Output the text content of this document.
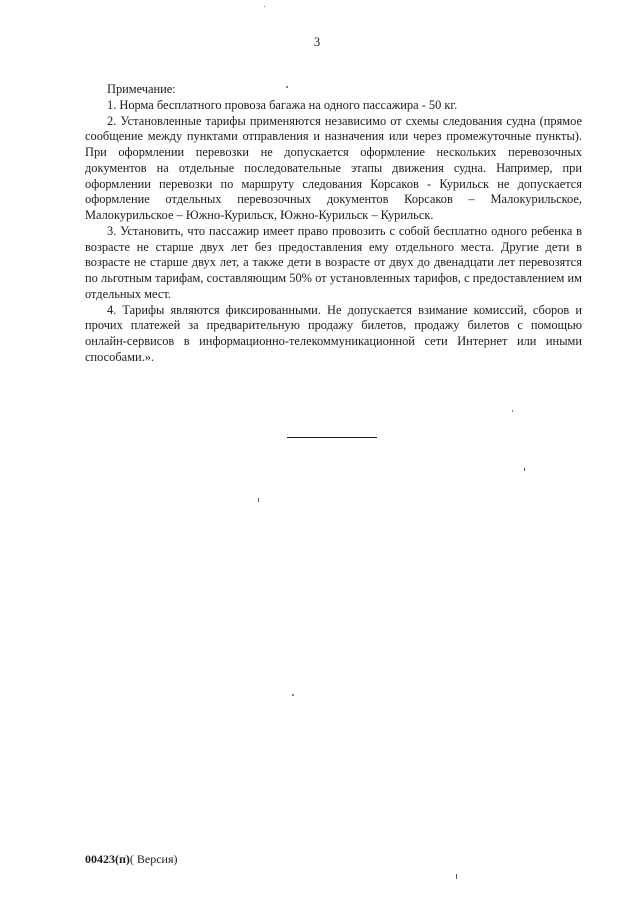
3

Примечание:

1. Норма бесплатного провоза багажа на одного пассажира - 50 кг.

2. Установленные тарифы применяются независимо от схемы следования судна (прямое сообщение между пунктами отправления и назначения или через промежуточные пункты). При оформлении перевозки не допускается оформление нескольких перевозочных документов на отдельные последовательные этапы движения судна. Например, при оформлении перевозки по маршруту следования Корсаков - Курильск не допускается оформление отдельных перевозочных документов Корсаков – Малокурильское, Малокурильское – Южно-Курильск, Южно-Курильск – Курильск.

3. Установить, что пассажир имеет право провозить с собой бесплатно одного ребенка в возрасте не старше двух лет без предоставления ему отдельного места. Другие дети в возрасте не старше двух лет, а также дети в возрасте от двух до двенадцати лет перевозятся по льготным тарифам, составляющим 50% от установленных тарифов, с предоставлением им отдельных мест.

4. Тарифы являются фиксированными. Не допускается взимание комиссий, сборов и прочих платежей за предварительную продажу билетов, продажу билетов с помощью онлайн-сервисов в информационно-телекоммуникационной сети Интернет или иными способами.».

00423(п)( Версия)
